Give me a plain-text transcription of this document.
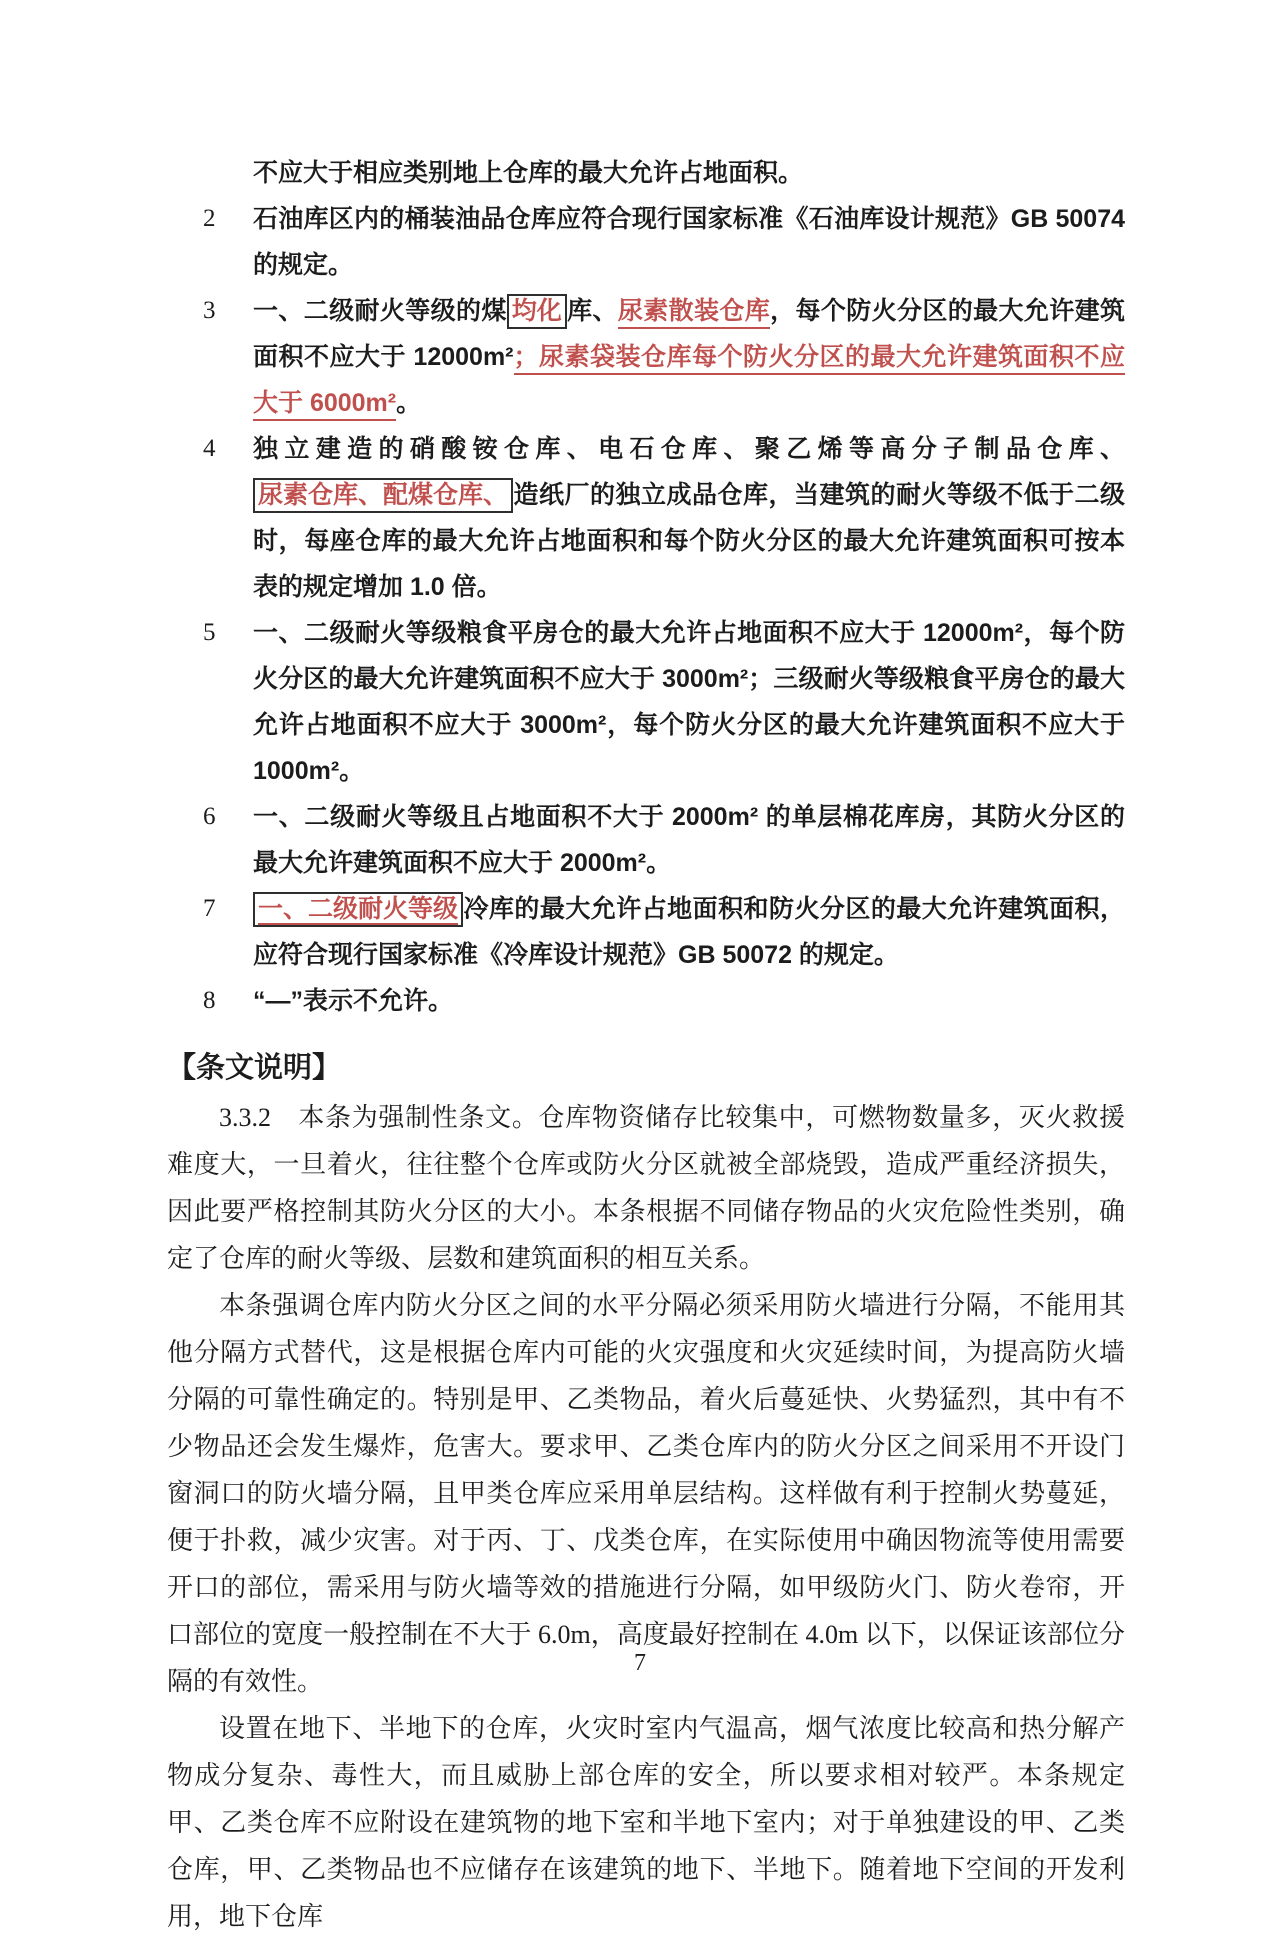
不应大于相应类别地上仓库的最大允许占地面积。
2 石油库区内的桶装油品仓库应符合现行国家标准《石油库设计规范》GB 50074 的规定。
3 一、二级耐火等级的煤 均化 库、尿素散装仓库，每个防火分区的最大允许建筑面积不应大于 12000m²；尿素袋装仓库每个防火分区的最大允许建筑面积不应大于 6000m²。
4 独立建造的硝酸铵仓库、电石仓库、聚乙烯等高分子制品仓库、尿素仓库、配煤仓库、 造纸厂的独立成品仓库，当建筑的耐火等级不低于二级时，每座仓库的最大允许占地面积和每个防火分区的最大允许建筑面积可按本表的规定增加 1.0 倍。
5 一、二级耐火等级粮食平房仓的最大允许占地面积不应大于 12000m²，每个防火分区的最大允许建筑面积不应大于 3000m²；三级耐火等级粮食平房仓的最大允许占地面积不应大于 3000m²，每个防火分区的最大允许建筑面积不应大于 1000m²。
6 一、二级耐火等级且占地面积不大于 2000m² 的单层棉花库房，其防火分区的最大允许建筑面积不应大于 2000m²。
7 一、二级耐火等级 冷库的最大允许占地面积和防火分区的最大允许建筑面积，应符合现行国家标准《冷库设计规范》GB 50072 的规定。
8 “—”表示不允许。
【条文说明】

3.3.2　本条为强制性条文。仓库物资储存比较集中，可燃物数量多，灭火救援难度大，一旦着火，往往整个仓库或防火分区就被全部烧毁，造成严重经济损失，因此要严格控制其防火分区的大小。本条根据不同储存物品的火灾危险性类别，确定了仓库的耐火等级、层数和建筑面积的相互关系。

本条强调仓库内防火分区之间的水平分隔必须采用防火墙进行分隔，不能用其他分隔方式替代，这是根据仓库内可能的火灾强度和火灾延续时间，为提高防火墙分隔的可靠性确定的。特别是甲、乙类物品，着火后蔓延快、火势猛烈，其中有不少物品还会发生爆炸，危害大。要求甲、乙类仓库内的防火分区之间采用不开设门窗洞口的防火墙分隔，且甲类仓库应采用单层结构。这样做有利于控制火势蔓延，便于扑救，减少灾害。对于丙、丁、戊类仓库，在实际使用中确因物流等使用需要开口的部位，需采用与防火墙等效的措施进行分隔，如甲级防火门、防火卷帘，开口部位的宽度一般控制在不大于 6.0m，高度最好控制在 4.0m 以下，以保证该部位分隔的有效性。

设置在地下、半地下的仓库，火灾时室内气温高，烟气浓度比较高和热分解产物成分复杂、毒性大，而且威胁上部仓库的安全，所以要求相对较严。本条规定甲、乙类仓库不应附设在建筑物的地下室和半地下室内；对于单独建设的甲、乙类仓库，甲、乙类物品也不应储存在该建筑的地下、半地下。随着地下空间的开发利用，地下仓库

7
